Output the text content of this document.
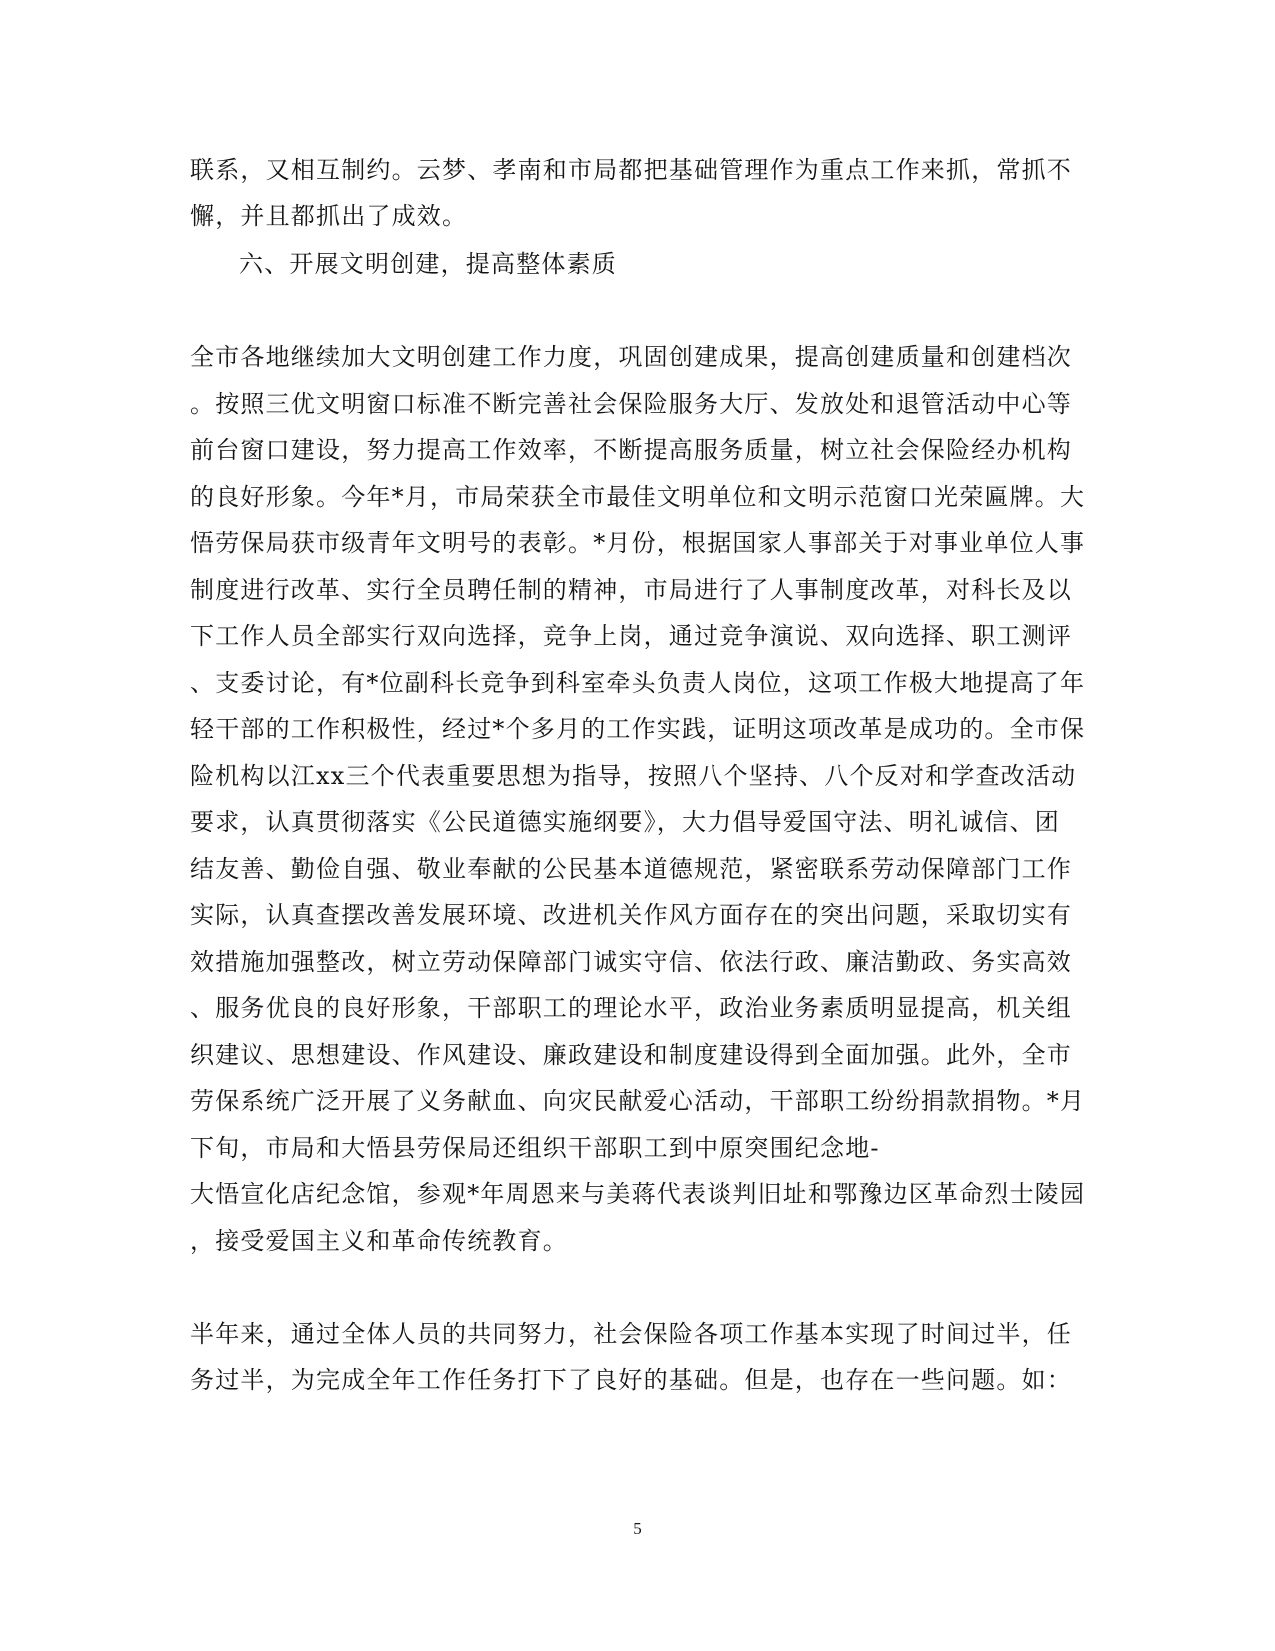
联系，又相互制约。云梦、孝南和市局都把基础管理作为重点工作来抓，常抓不
懈，并且都抓出了成效。
六、开展文明创建，提高整体素质
全市各地继续加大文明创建工作力度，巩固创建成果，提高创建质量和创建档次
。按照三优文明窗口标准不断完善社会保险服务大厅、发放处和退管活动中心等
前台窗口建设，努力提高工作效率，不断提高服务质量，树立社会保险经办机构
的良好形象。今年*月，市局荣获全市最佳文明单位和文明示范窗口光荣匾牌。大
悟劳保局获市级青年文明号的表彰。*月份，根据国家人事部关于对事业单位人事
制度进行改革、实行全员聘任制的精神，市局进行了人事制度改革，对科长及以
下工作人员全部实行双向选择，竞争上岗，通过竞争演说、双向选择、职工测评
、支委讨论，有*位副科长竞争到科室牵头负责人岗位，这项工作极大地提高了年
轻干部的工作积极性，经过*个多月的工作实践，证明这项改革是成功的。全市保
险机构以江xx三个代表重要思想为指导，按照八个坚持、八个反对和学查改活动
要求，认真贯彻落实《公民道德实施纲要》，大力倡导爱国守法、明礼诚信、团
结友善、勤俭自强、敬业奉献的公民基本道德规范，紧密联系劳动保障部门工作
实际，认真查摆改善发展环境、改进机关作风方面存在的突出问题，采取切实有
效措施加强整改，树立劳动保障部门诚实守信、依法行政、廉洁勤政、务实高效
、服务优良的良好形象，干部职工的理论水平，政治业务素质明显提高，机关组
织建议、思想建设、作风建设、廉政建设和制度建设得到全面加强。此外，全市
劳保系统广泛开展了义务献血、向灾民献爱心活动，干部职工纷纷捐款捐物。*月
下旬，市局和大悟县劳保局还组织干部职工到中原突围纪念地-
大悟宣化店纪念馆，参观*年周恩来与美蒋代表谈判旧址和鄂豫边区革命烈士陵园
，接受爱国主义和革命传统教育。
半年来，通过全体人员的共同努力，社会保险各项工作基本实现了时间过半，任
务过半，为完成全年工作任务打下了良好的基础。但是，也存在一些问题。如：
5
